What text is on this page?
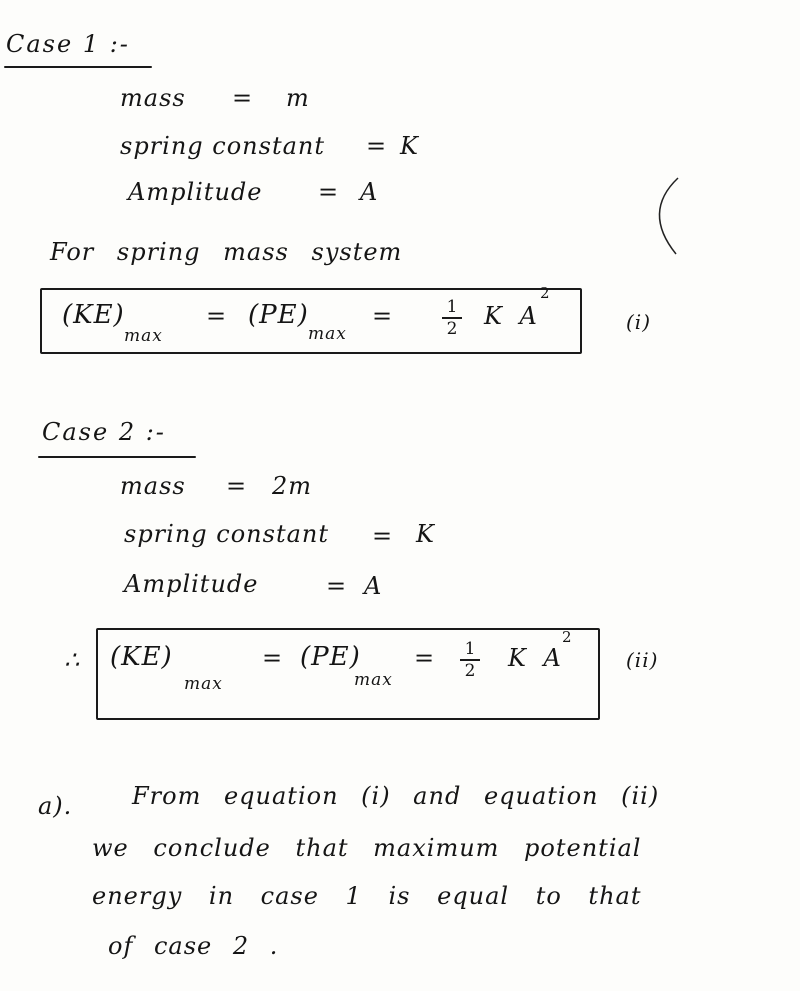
Case 1 :-
mass = m
spring constant = K
Amplitude = A
For spring mass system
(KE)
max
= (PE)
max
=	1
2 K A
2
(i)
Case 2 :-
mass = 2m
spring constant = K
Amplitude	= A
∴ (KE)
max
= (PE)
max
= 1
2 K A
2
(ii)
a). From equation (i) and equation (ii)
we conclude that maximum potential
energy in case 1 is equal to that
of case 2 .
